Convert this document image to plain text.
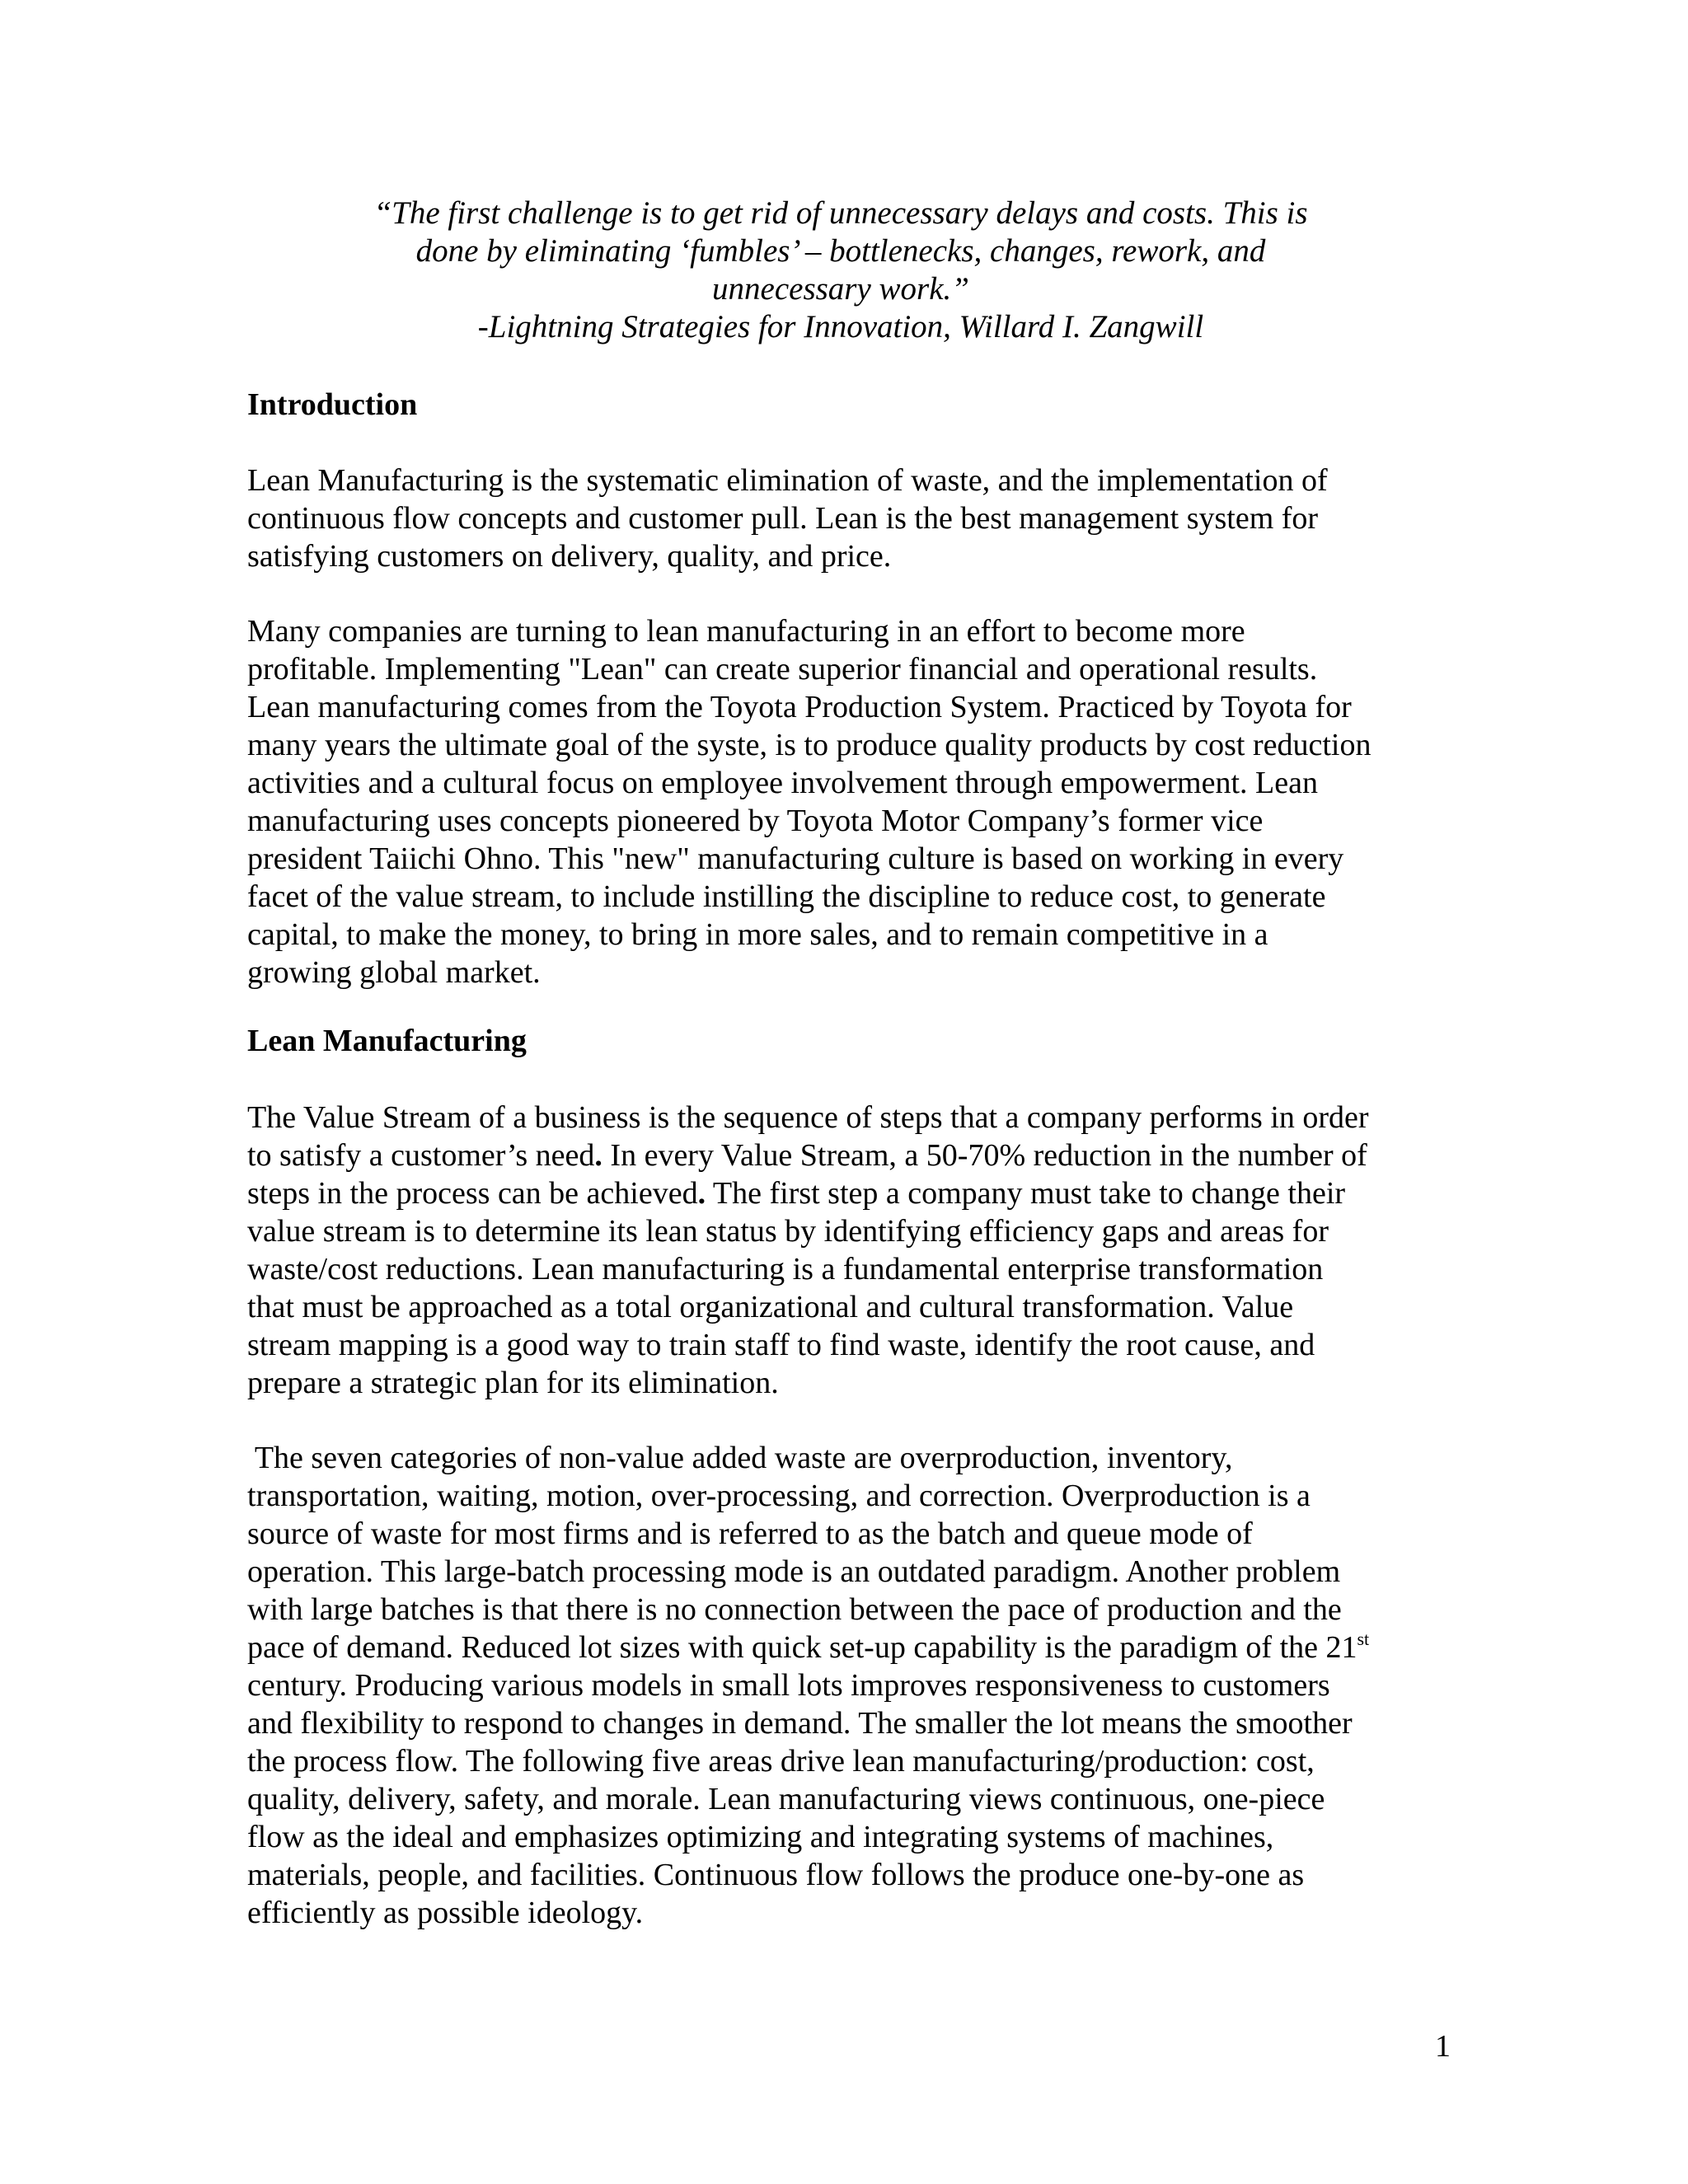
“The first challenge is to get rid of unnecessary delays and costs. This is
done by eliminating ‘fumbles’ – bottlenecks, changes, rework, and
unnecessary work.”
-Lightning Strategies for Innovation, Willard I. Zangwill
Introduction
Lean Manufacturing is the systematic elimination of waste, and the implementation of
continuous flow concepts and customer pull. Lean is the best management system for
satisfying customers on delivery, quality, and price.
Many companies are turning to lean manufacturing in an effort to become more
profitable. Implementing "Lean" can create superior financial and operational results.
Lean manufacturing comes from the Toyota Production System. Practiced by Toyota for
many years the ultimate goal of the syste, is to produce quality products by cost reduction
activities and a cultural focus on employee involvement through empowerment. Lean
manufacturing uses concepts pioneered by Toyota Motor Company’s former vice
president Taiichi Ohno. This "new" manufacturing culture is based on working in every
facet of the value stream, to include instilling the discipline to reduce cost, to generate
capital, to make the money, to bring in more sales, and to remain competitive in a
growing global market.
Lean Manufacturing
The Value Stream of a business is the sequence of steps that a company performs in order
to satisfy a customer’s need. In every Value Stream, a 50-70% reduction in the number of
steps in the process can be achieved. The first step a company must take to change their
value stream is to determine its lean status by identifying efficiency gaps and areas for
waste/cost reductions. Lean manufacturing is a fundamental enterprise transformation
that must be approached as a total organizational and cultural transformation. Value
stream mapping is a good way to train staff to find waste, identify the root cause, and
prepare a strategic plan for its elimination.
The seven categories of non-value added waste are overproduction, inventory,
transportation, waiting, motion, over-processing, and correction. Overproduction is a
source of waste for most firms and is referred to as the batch and queue mode of
operation. This large-batch processing mode is an outdated paradigm. Another problem
with large batches is that there is no connection between the pace of production and the
pace of demand. Reduced lot sizes with quick set-up capability is the paradigm of the 21st
century. Producing various models in small lots improves responsiveness to customers
and flexibility to respond to changes in demand. The smaller the lot means the smoother
the process flow. The following five areas drive lean manufacturing/production: cost,
quality, delivery, safety, and morale. Lean manufacturing views continuous, one-piece
flow as the ideal and emphasizes optimizing and integrating systems of machines,
materials, people, and facilities. Continuous flow follows the produce one-by-one as
efficiently as possible ideology.
1
